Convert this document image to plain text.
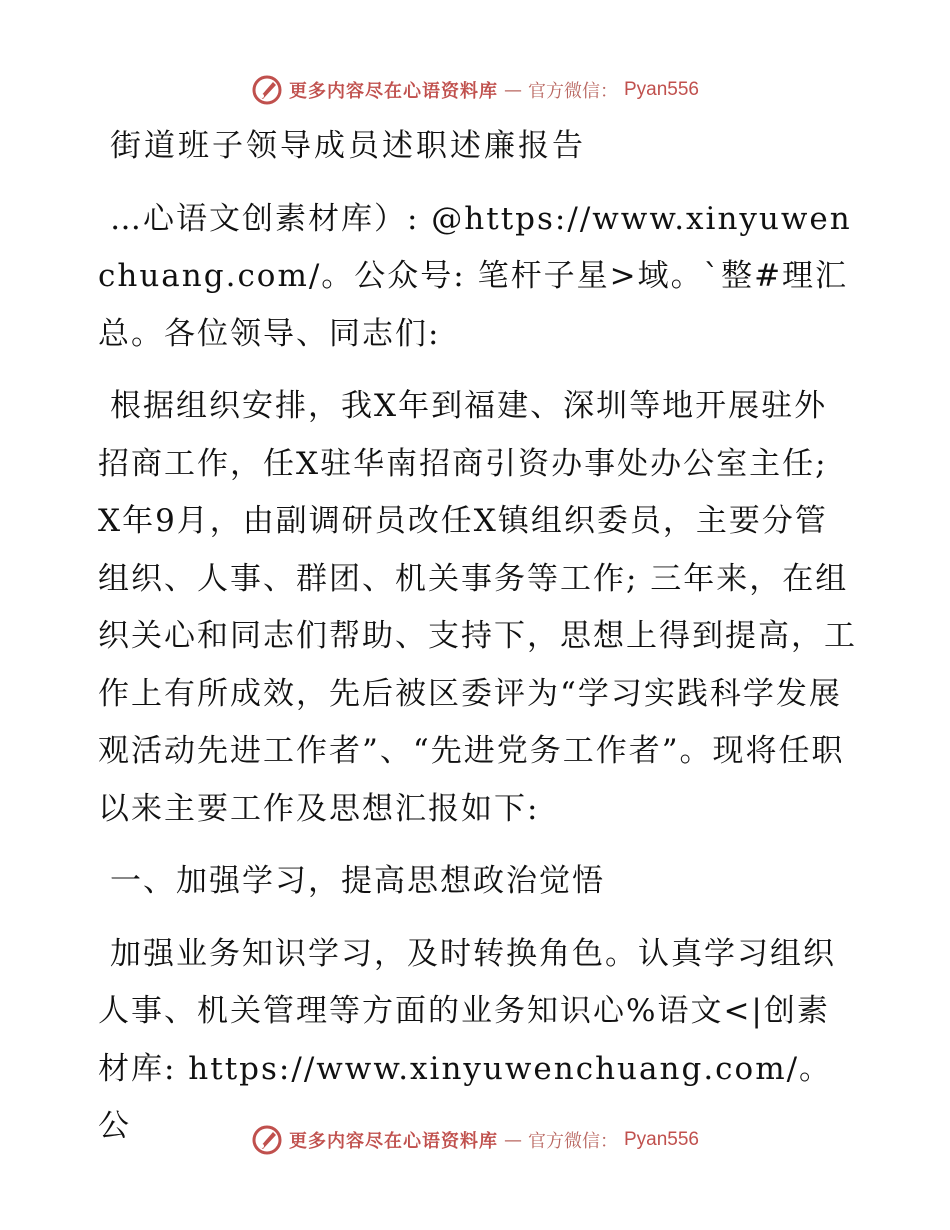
更多内容尽在心语资料库 — 官方微信： Pyan556

街道班子领导成员述职述廉报告

…心语文创素材库）: @https://www.xinyuwenchuang.com/。公众号: 笔杆子星>域。`整#理汇总。各位领导、同志们:

根据组织安排，我X年到福建、深圳等地开展驻外招商工作，任X驻华南招商引资办事处办公室主任; X年9月，由副调研员改任X镇组织委员，主要分管组织、人事、群团、机关事务等工作; 三年来，在组织关心和同志们帮助、支持下，思想上得到提高，工作上有所成效，先后被区委评为“学习实践科学发展观活动先进工作者”、“先进党务工作者”。现将任职以来主要工作及思想汇报如下:

一、加强学习，提高思想政治觉悟

加强业务知识学习，及时转换角色。认真学习组织人事、机关管理等方面的业务知识心%语文<|创素材库: https://www.xinyuwenchuang.com/。公	更多内容尽在心语资料库 — 官方微信： Pyan556
